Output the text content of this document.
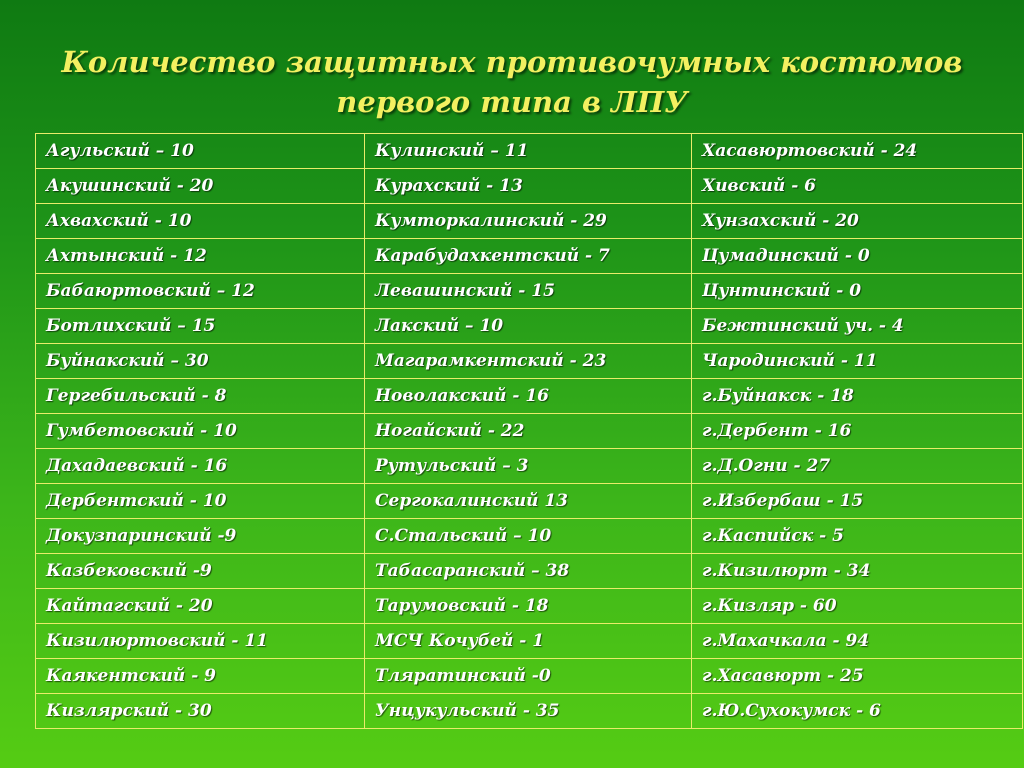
Количество защитных противочумных костюмов
первого типа в ЛПУ
Агульский – 10	Кулинский – 11	Хасавюртовский - 24
Акушинский - 20	Курахский - 13	Хивский - 6
Ахвахский - 10	Кумторкалинский - 29	Хунзахский - 20
Ахтынский - 12	Карабудахкентский - 7	Цумадинский - 0
Бабаюртовский – 12	Левашинский - 15	Цунтинский - 0
Ботлихский – 15	Лакский – 10	Бежтинский уч. - 4
Буйнакский – 30	Магарамкентский - 23	Чародинский - 11
Гергебильский - 8	Новолакский - 16	г.Буйнакск - 18
Гумбетовский - 10	Ногайский - 22	г.Дербент - 16
Дахадаевский - 16	Рутульский – 3	г.Д.Огни - 27
Дербентский - 10	Сергокалинский 13	г.Избербаш - 15
Докузпаринский -9	С.Стальский – 10	г.Каспийск - 5
Казбековский -9	Табасаранский – 38	г.Кизилюрт - 34
Кайтагский - 20	Тарумовский - 18	г.Кизляр - 60
Кизилюртовский - 11	МСЧ Кочубей - 1	г.Махачкала - 94
Каякентский - 9	Тляратинский -0	г.Хасавюрт - 25
Кизлярский - 30	Унцукульский - 35	г.Ю.Сухокумск - 6
